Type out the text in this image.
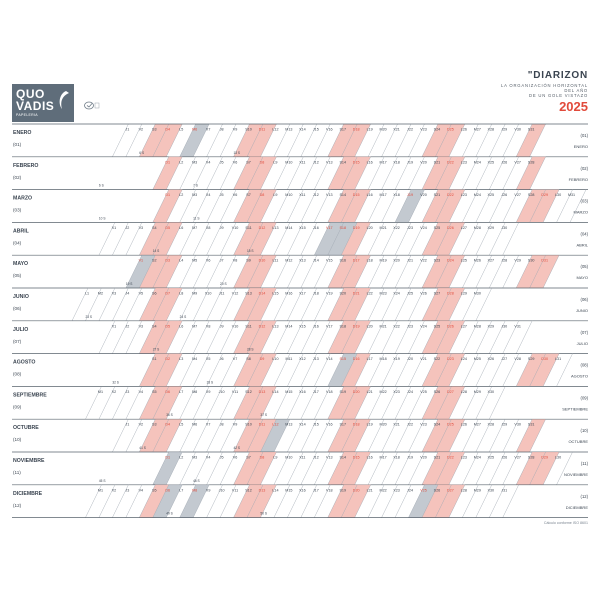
QUO
VADIS
PAPELERIA
"DIARIZON
LA ORGANIZACIÓN HORIZONTAL
DEL AÑO
DE UN GOLE VISTAZO
2025
J1 V2 S3 D4 L5 M6 X7 J8 V9 S10 D11 L12 M13 X14 J15 V16 S17 D18 L19 M20 X21 J22 V23 S24 D25 L26 M27 X28 J29 V30 S31
6 S	13 S
ENERO
(01)
(01)
ENERO
D1 L2 M3 X4 J5 V6 S7 D8 L9 M10 X11 J12 V13 S14 D15 L16 M17 X18 J19 V20 S21 D22 L23 M24 X25 J26 V27 S28
6 S	7 S
FEBRERO
(02)
(02)
FEBRERO
D1 L2 M3 X4 J5 V6 S7 D8 L9 M10 X11 J12 V13 S14 D15 L16 M17 X18 J19 V20 S21 D22 L23 M24 X25 J26 V27 S28 D29 L30 M31
10 S	11 S
MARZO
(03)
(03)
MARZO
X1 J2 V3 S4 D5 L6 M7 X8 J9 V10 S11 D12 L13 M14 X15 J16 V17 S18 D19 L20 M21 X22 J23 V24 S25 D26 L27 M28 X29 J30
14 S	15 S
ABRIL
(04)
(04)
ABRIL
V1 S2 D3 L4 M5 X6 J7 V8 S9 D10 L11 M12 X13 J14 V15 S16 D17 L18 M19 X20 J21 V22 S23 D24 L25 M26 X27 J28 V29 S30 D31
19 S	20 S
MAYO
(05)
(05)
MAYO
L1 M2 X3 J4 V5 S6 D7 L8 M9 X10 J11 V12 S13 D14 L15 M16 X17 J18 V19 S20 D21 L22 M23 X24 J25 V26 S27 D28 L29 M30
23 S	24 S
JUNIO
(06)
(06)
JUNIO
X1 J2 V3 S4 D5 L6 M7 X8 J9 V10 S11 D12 L13 M14 X15 J16 V17 S18 D19 L20 M21 X22 J23 V24 S25 D26 L27 M28 X29 J30 V31
27 S	28 S
JULIO
(07)
(07)
JULIO
S1 D2 L3 M4 X5 J6 V7 S8 D9 L10 M11 X12 J13 V14 S15 D16 L17 M18 X19 J20 V21 S22 D23 L24 M25 X26 J27 V28 S29 D30 L31
32 S	33 S
AGOSTO
(08)
(08)
AGOSTO
M1 X2 J3 V4 S5 D6 L7 M8 X9 J10 V11 S12 D13 L14 M15 X16 J17 V18 S19 D20 L21 M22 X23 J24 V25 S26 D27 L28 M29 X30
36 S	37 S
SEPTIEMBRE
(09)
(09)
SEPTIEMBRE
J1 V2 S3 D4 L5 M6 X7 J8 V9 S10 D11 L12 M13 X14 J15 V16 S17 D18 L19 M20 X21 J22 V23 S24 D25 L26 M27 X28 J29 V30 S31
41 S	42 S
OCTUBRE
(10)
(10)
OCTUBRE
D1 L2 M3 X4 J5 V6 S7 D8 L9 M10 X11 J12 V13 S14 D15 L16 M17 X18 J19 V20 S21 D22 L23 M24 X25 J26 V27 S28 D29 L30
45 S	46 S
NOVIEMBRE
(11)
(11)
NOVIEMBRE
M1 X2 J3 V4 S5 D6 L7 M8 X9 J10 V11 S12 D13 L14 M15 X16 J17 V18 S19 D20 L21 M22 X23 J24 V25 S26 D27 L28 M29 X30 J31
49 S	50 S
DICIEMBRE
(12)
(12)
DICIEMBRE
Cálculo conforme ISO 8601
